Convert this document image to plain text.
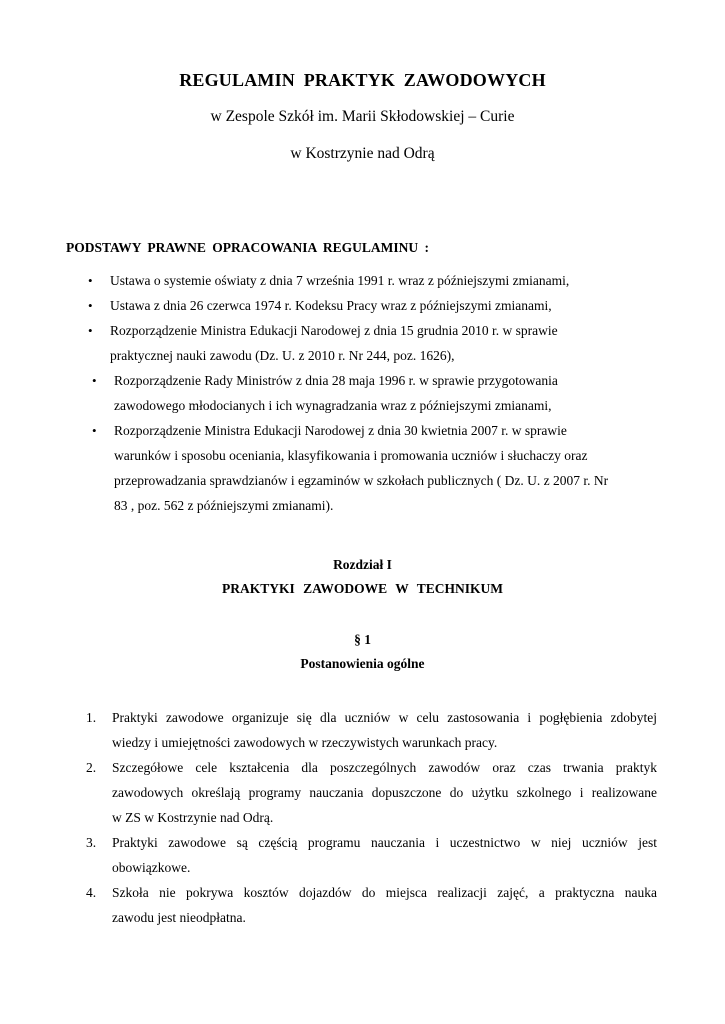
REGULAMIN PRAKTYK ZAWODOWYCH
w Zespole Szkół im. Marii Skłodowskiej – Curie
w Kostrzynie nad Odrą
PODSTAWY PRAWNE OPRACOWANIA REGULAMINU :
• Ustawa o systemie oświaty z dnia 7 września 1991 r. wraz z późniejszymi zmianami,
• Ustawa z dnia 26 czerwca 1974 r. Kodeksu Pracy wraz z późniejszymi zmianami,
• Rozporządzenie Ministra Edukacji Narodowej z dnia 15 grudnia 2010 r. w sprawie
praktycznej nauki zawodu (Dz. U. z 2010 r. Nr 244, poz. 1626),
• Rozporządzenie Rady Ministrów z dnia 28 maja 1996 r. w sprawie przygotowania
zawodowego młodocianych i ich wynagradzania wraz z późniejszymi zmianami,
• Rozporządzenie Ministra Edukacji Narodowej z dnia 30 kwietnia 2007 r. w sprawie
warunków i sposobu oceniania, klasyfikowania i promowania uczniów i słuchaczy oraz
przeprowadzania sprawdzianów i egzaminów w szkołach publicznych ( Dz. U. z 2007 r. Nr
83 , poz. 562 z późniejszymi zmianami).
Rozdział I
PRAKTYKI ZAWODOWE W TECHNIKUM
§ 1
Postanowienia ogólne
1. Praktyki zawodowe organizuje się dla uczniów w celu zastosowania i pogłębienia zdobytej
wiedzy i umiejętności zawodowych w rzeczywistych warunkach pracy.
2. Szczegółowe cele kształcenia dla poszczególnych zawodów oraz czas trwania praktyk
zawodowych określają programy nauczania dopuszczone do użytku szkolnego i realizowane
w ZS w Kostrzynie nad Odrą.
3. Praktyki zawodowe są częścią programu nauczania i uczestnictwo w niej uczniów jest
obowiązkowe.
4. Szkoła nie pokrywa kosztów dojazdów do miejsca realizacji zajęć, a praktyczna nauka
zawodu jest nieodpłatna.
